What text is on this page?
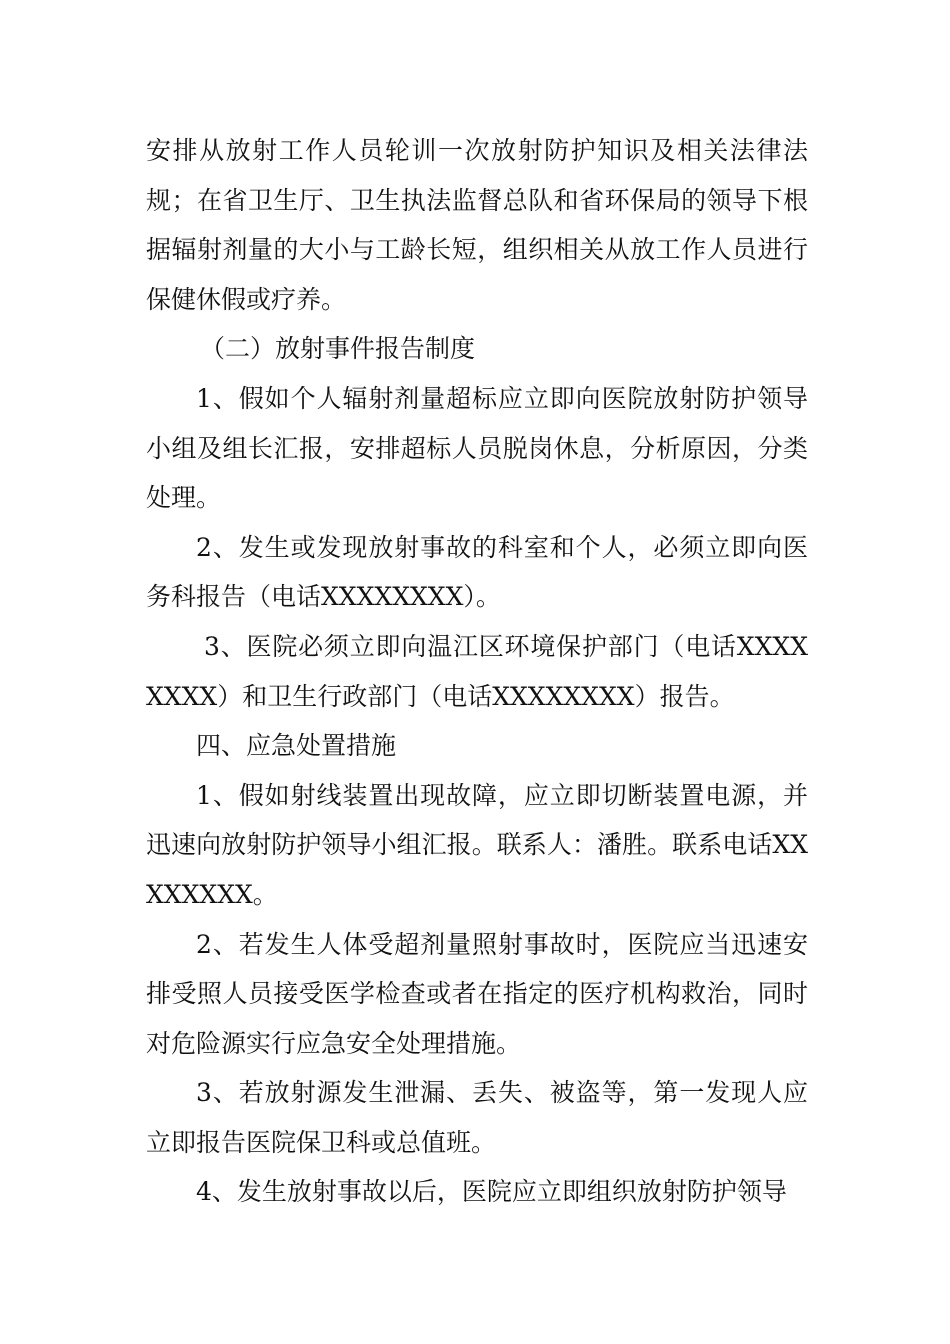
安排从放射工作人员轮训一次放射防护知识及相关法律法规；在省卫生厅、卫生执法监督总队和省环保局的领导下根据辐射剂量的大小与工龄长短，组织相关从放工作人员进行保健休假或疗养。

（二）放射事件报告制度

1、假如个人辐射剂量超标应立即向医院放射防护领导小组及组长汇报，安排超标人员脱岗休息，分析原因，分类处理。

2、发生或发现放射事故的科室和个人，必须立即向医务科报告（电话XXXXXXXX）。

3、医院必须立即向温江区环境保护部门（电话XXXXXXXX）和卫生行政部门（电话XXXXXXXX）报告。

四、应急处置措施

1、假如射线装置出现故障，应立即切断装置电源，并迅速向放射防护领导小组汇报。联系人：潘胜。联系电话XXXXXXXX。

2、若发生人体受超剂量照射事故时，医院应当迅速安排受照人员接受医学检查或者在指定的医疗机构救治，同时对危险源实行应急安全处理措施。

3、若放射源发生泄漏、丢失、被盗等，第一发现人应立即报告医院保卫科或总值班。

4、发生放射事故以后，医院应立即组织放射防护领导
